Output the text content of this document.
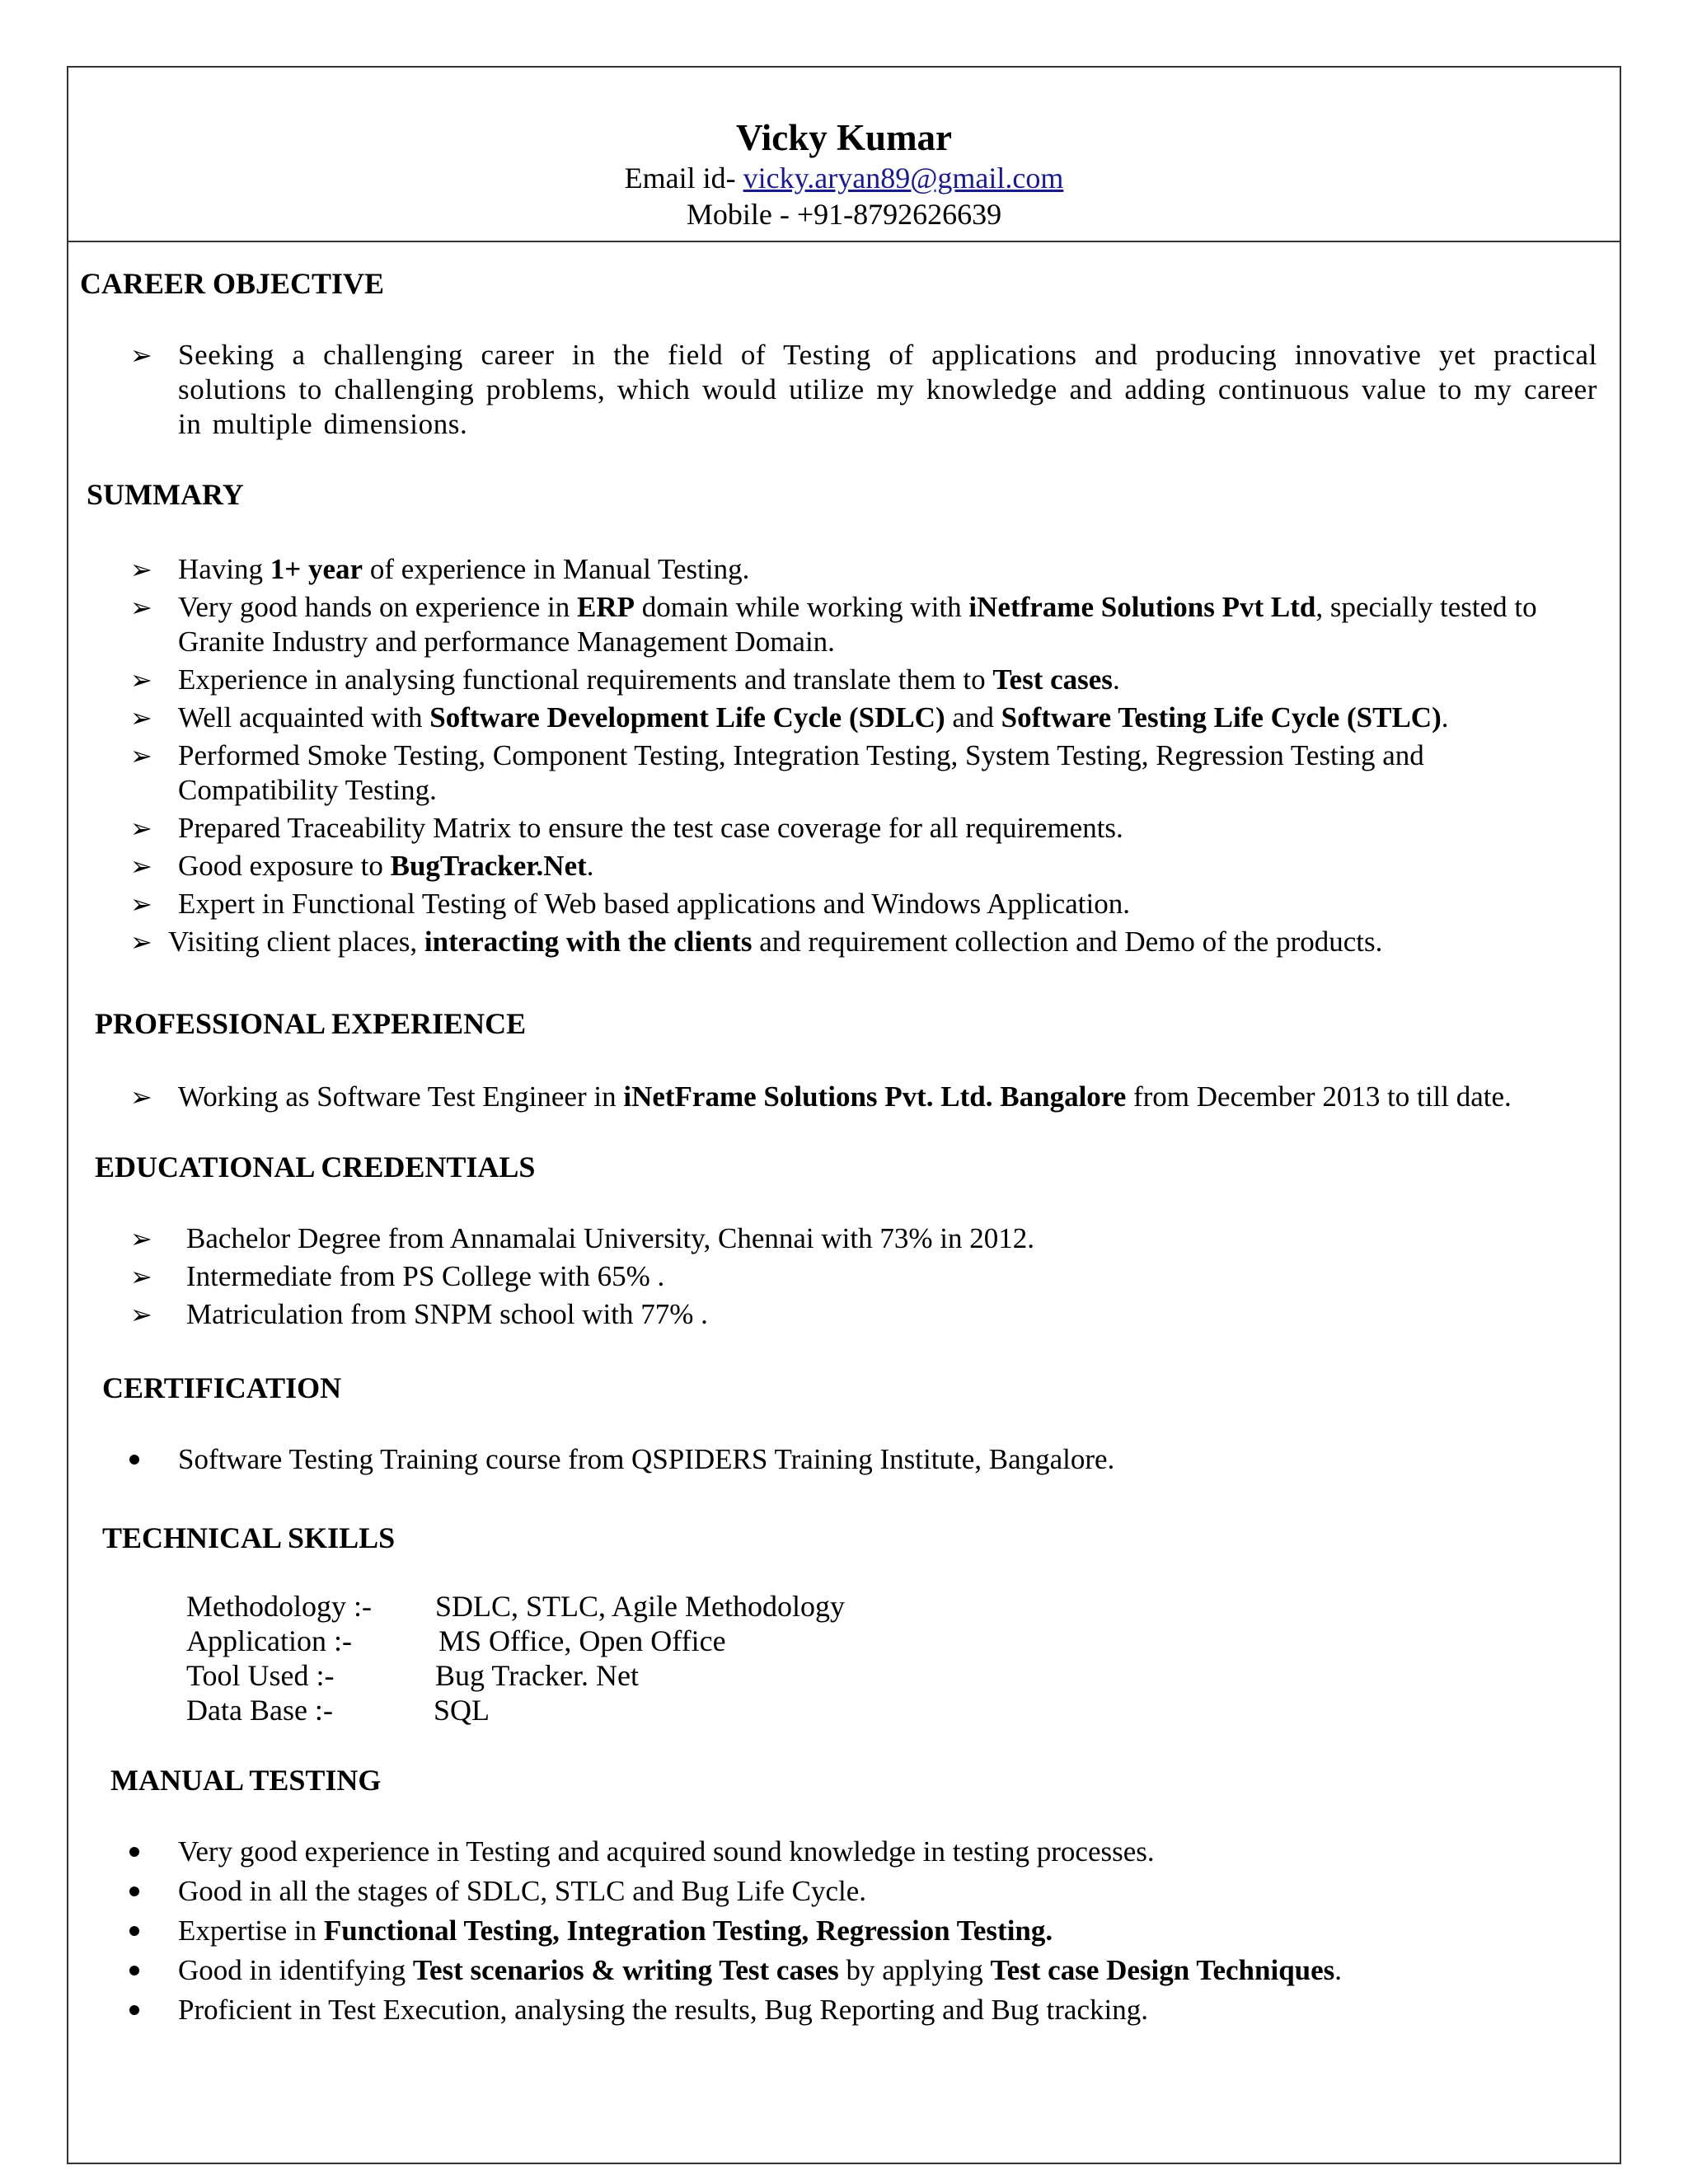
Vicky Kumar
Email id- vicky.aryan89@gmail.com
Mobile - +91-8792626639
CAREER OBJECTIVE
➢ Seeking a challenging career in the field of Testing of applications and producing innovative yet practical solutions to challenging problems, which would utilize my knowledge and adding continuous value to my career in multiple dimensions.
SUMMARY
➢ Having 1+ year of experience in Manual Testing.
➢ Very good hands on experience in ERP domain while working with iNetframe Solutions Pvt Ltd, specially tested to
Granite Industry and performance Management Domain.
➢ Experience in analysing functional requirements and translate them to Test cases.
➢ Well acquainted with Software Development Life Cycle (SDLC) and Software Testing Life Cycle (STLC).
➢ Performed Smoke Testing, Component Testing, Integration Testing, System Testing, Regression Testing and
Compatibility Testing.
➢ Prepared Traceability Matrix to ensure the test case coverage for all requirements.
➢ Good exposure to BugTracker.Net.
➢ Expert in Functional Testing of Web based applications and Windows Application.
➢ Visiting client places, interacting with the clients and requirement collection and Demo of the products.
PROFESSIONAL EXPERIENCE
➢ Working as Software Test Engineer in iNetFrame Solutions Pvt. Ltd. Bangalore from December 2013 to till date.
EDUCATIONAL CREDENTIALS
➢ Bachelor Degree from Annamalai University, Chennai with 73% in 2012.
➢ Intermediate from PS College with 65% .
➢ Matriculation from SNPM school with 77% .
CERTIFICATION
Software Testing Training course from QSPIDERS Training Institute, Bangalore.
TECHNICAL SKILLS
Methodology :- SDLC, STLC, Agile Methodology
Application :-	MS Office, Open Office
Tool Used :-	Bug Tracker. Net
Data Base :-	SQL
MANUAL TESTING
Very good experience in Testing and acquired sound knowledge in testing processes.
Good in all the stages of SDLC, STLC and Bug Life Cycle.
Expertise in Functional Testing, Integration Testing, Regression Testing.
Good in identifying Test scenarios & writing Test cases by applying Test case Design Techniques.
Proficient in Test Execution, analysing the results, Bug Reporting and Bug tracking.
